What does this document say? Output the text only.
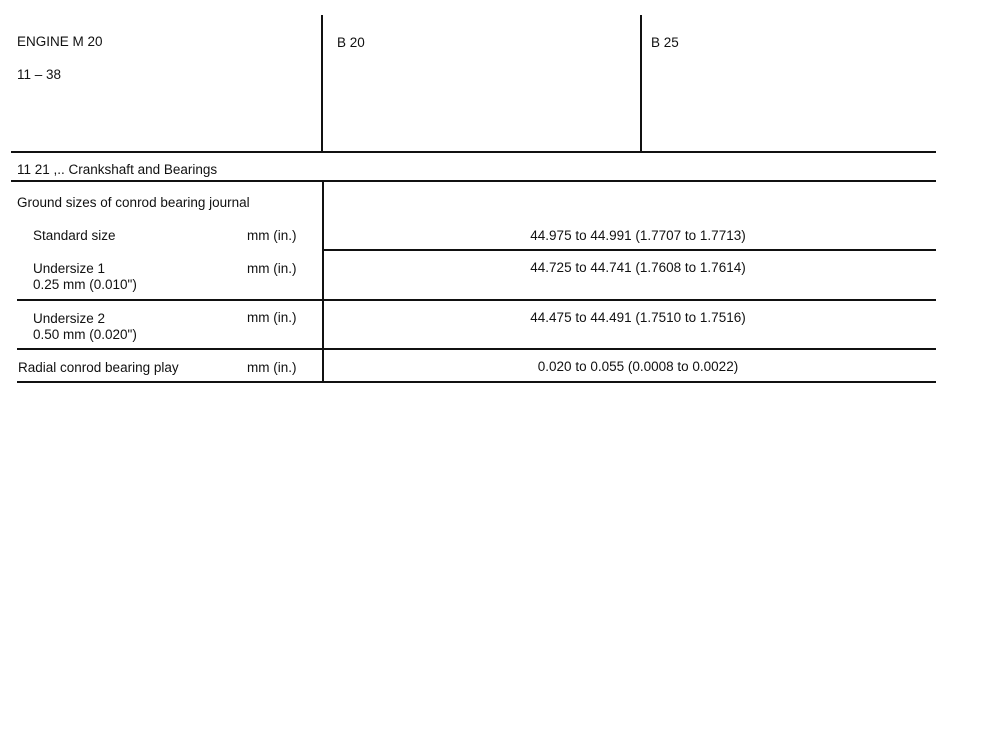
ENGINE M 20
11 – 38
B 20	B 25
11 21 ,.. Crankshaft and Bearings
Ground sizes of conrod bearing journal
Standard size	mm (in.)	44.975 to 44.991 (1.7707 to 1.7713)
Undersize 1
0.25 mm (0.010")
mm (in.)	44.725 to 44.741 (1.7608 to 1.7614)
Undersize 2
0.50 mm (0.020")
mm (in.)	44.475 to 44.491 (1.7510 to 1.7516)
Radial conrod bearing play	mm (in.)	0.020 to 0.055 (0.0008 to 0.0022)
